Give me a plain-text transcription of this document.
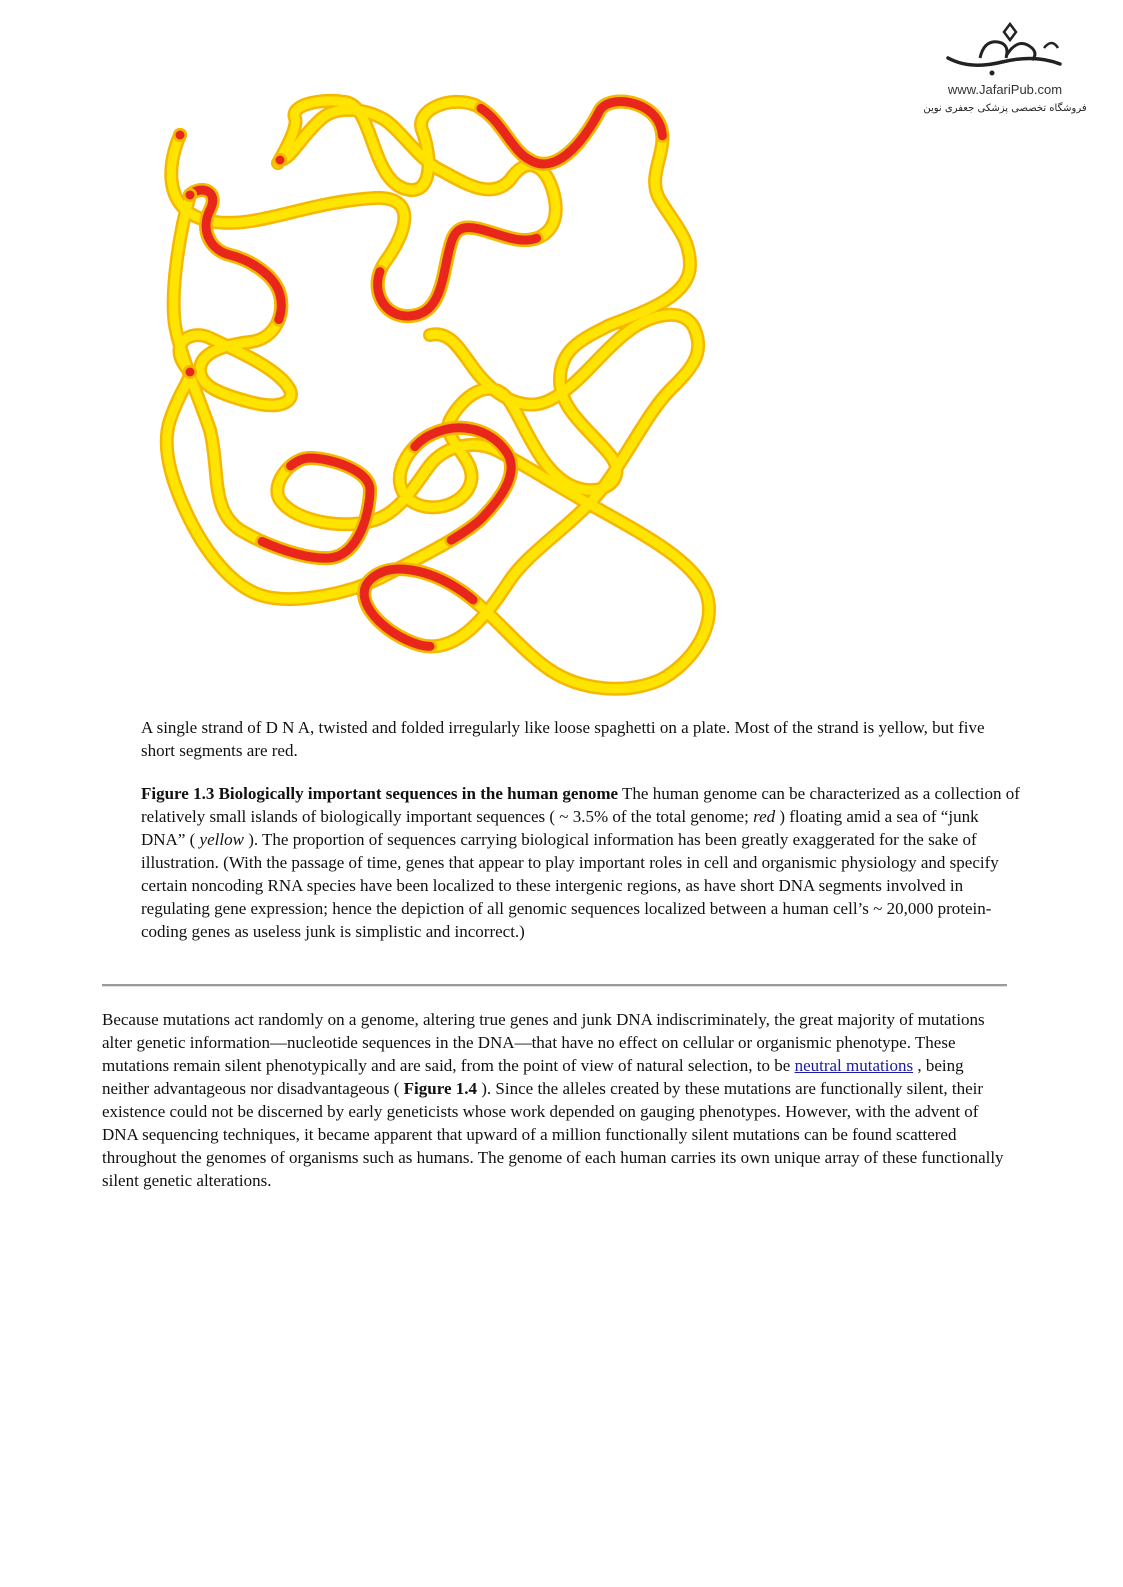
www.JafariPub.com
فروشگاه تخصصی پزشکی جعفری نوین

A single strand of D N A, twisted and folded irregularly like loose spaghetti on a plate. Most of the strand is yellow, but five short segments are red.

Figure 1.3 Biologically important sequences in the human genome The human genome can be characterized as a collection of relatively small islands of biologically important sequences ( ~ 3.5% of the total genome; red ) floating amid a sea of “junk DNA” ( yellow ). The proportion of sequences carrying biological information has been greatly exaggerated for the sake of illustration. (With the passage of time, genes that appear to play important roles in cell and organismic physiology and specify certain noncoding RNA species have been localized to these intergenic regions, as have short DNA segments involved in regulating gene expression; hence the depiction of all genomic sequences localized between a human cell’s ~ 20,000 protein-coding genes as useless junk is simplistic and incorrect.)

Because mutations act randomly on a genome, altering true genes and junk DNA indiscriminately, the great majority of mutations alter genetic information—nucleotide sequences in the DNA—that have no effect on cellular or organismic phenotype. These mutations remain silent phenotypically and are said, from the point of view of natural selection, to be neutral mutations , being neither advantageous nor disadvantageous ( Figure 1.4 ). Since the alleles created by these mutations are functionally silent, their existence could not be discerned by early geneticists whose work depended on gauging phenotypes. However, with the advent of DNA sequencing techniques, it became apparent that upward of a million functionally silent mutations can be found scattered throughout the genomes of organisms such as humans. The genome of each human carries its own unique array of these functionally silent genetic alterations.
